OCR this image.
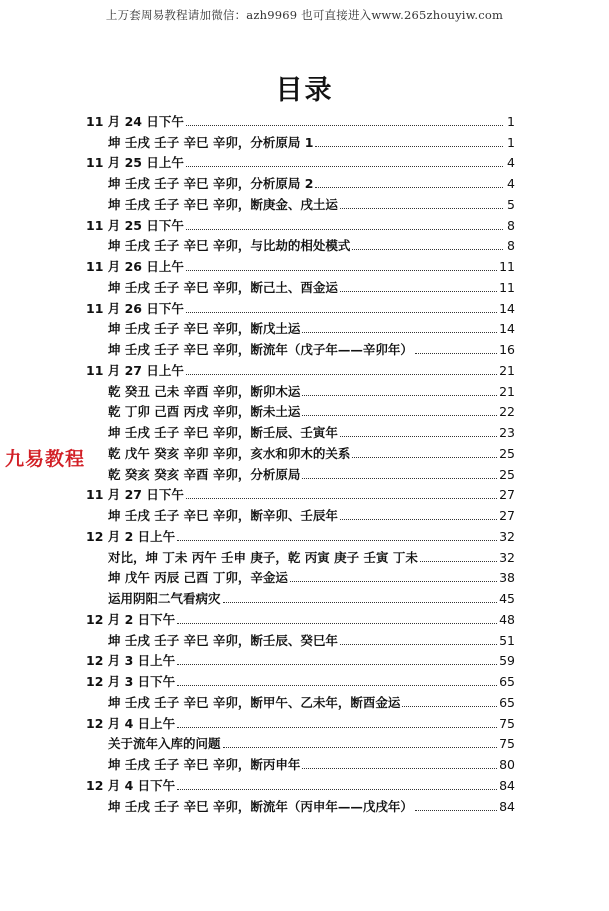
上万套周易教程请加微信：azh9969 也可直接进入www.265zhouyiw.com
目录
11 月 24 日下午	1
坤 壬戌 壬子 辛巳 辛卯，分析原局 1	1
11 月 25 日上午	4
坤 壬戌 壬子 辛巳 辛卯，分析原局 2	4
坤 壬戌 壬子 辛巳 辛卯，断庚金、戌土运	5
11 月 25 日下午	8
坤 壬戌 壬子 辛巳 辛卯，与比劫的相处模式	8
11 月 26 日上午	11
坤 壬戌 壬子 辛巳 辛卯，断己土、酉金运	11
11 月 26 日下午	14
坤 壬戌 壬子 辛巳 辛卯，断戊土运	14
坤 壬戌 壬子 辛巳 辛卯，断流年（戊子年——辛卯年）	16
11 月 27 日上午	21
乾 癸丑 己未 辛酉 辛卯，断卯木运	21
乾 丁卯 己酉 丙戌 辛卯，断未土运	22
坤 壬戌 壬子 辛巳 辛卯，断壬辰、壬寅年	23
乾 戊午 癸亥 辛卯 辛卯，亥水和卯木的关系	25
乾 癸亥 癸亥 辛酉 辛卯，分析原局	25
11 月 27 日下午	27
坤 壬戌 壬子 辛巳 辛卯，断辛卯、壬辰年	27
12 月 2 日上午	32
对比，坤 丁未 丙午 壬申 庚子，乾 丙寅 庚子 壬寅 丁未	32
坤 戊午 丙辰 己酉 丁卯，辛金运	38
运用阴阳二气看病灾	45
12 月 2 日下午	48
坤 壬戌 壬子 辛巳 辛卯，断壬辰、癸巳年	51
12 月 3 日上午	59
12 月 3 日下午	65
坤 壬戌 壬子 辛巳 辛卯，断甲午、乙未年，断酉金运	65
12 月 4 日上午	75
关于流年入库的问题	75
坤 壬戌 壬子 辛巳 辛卯，断丙申年	80
12 月 4 日下午	84
坤 壬戌 壬子 辛巳 辛卯，断流年（丙申年——戊戌年）	84
九易教程
